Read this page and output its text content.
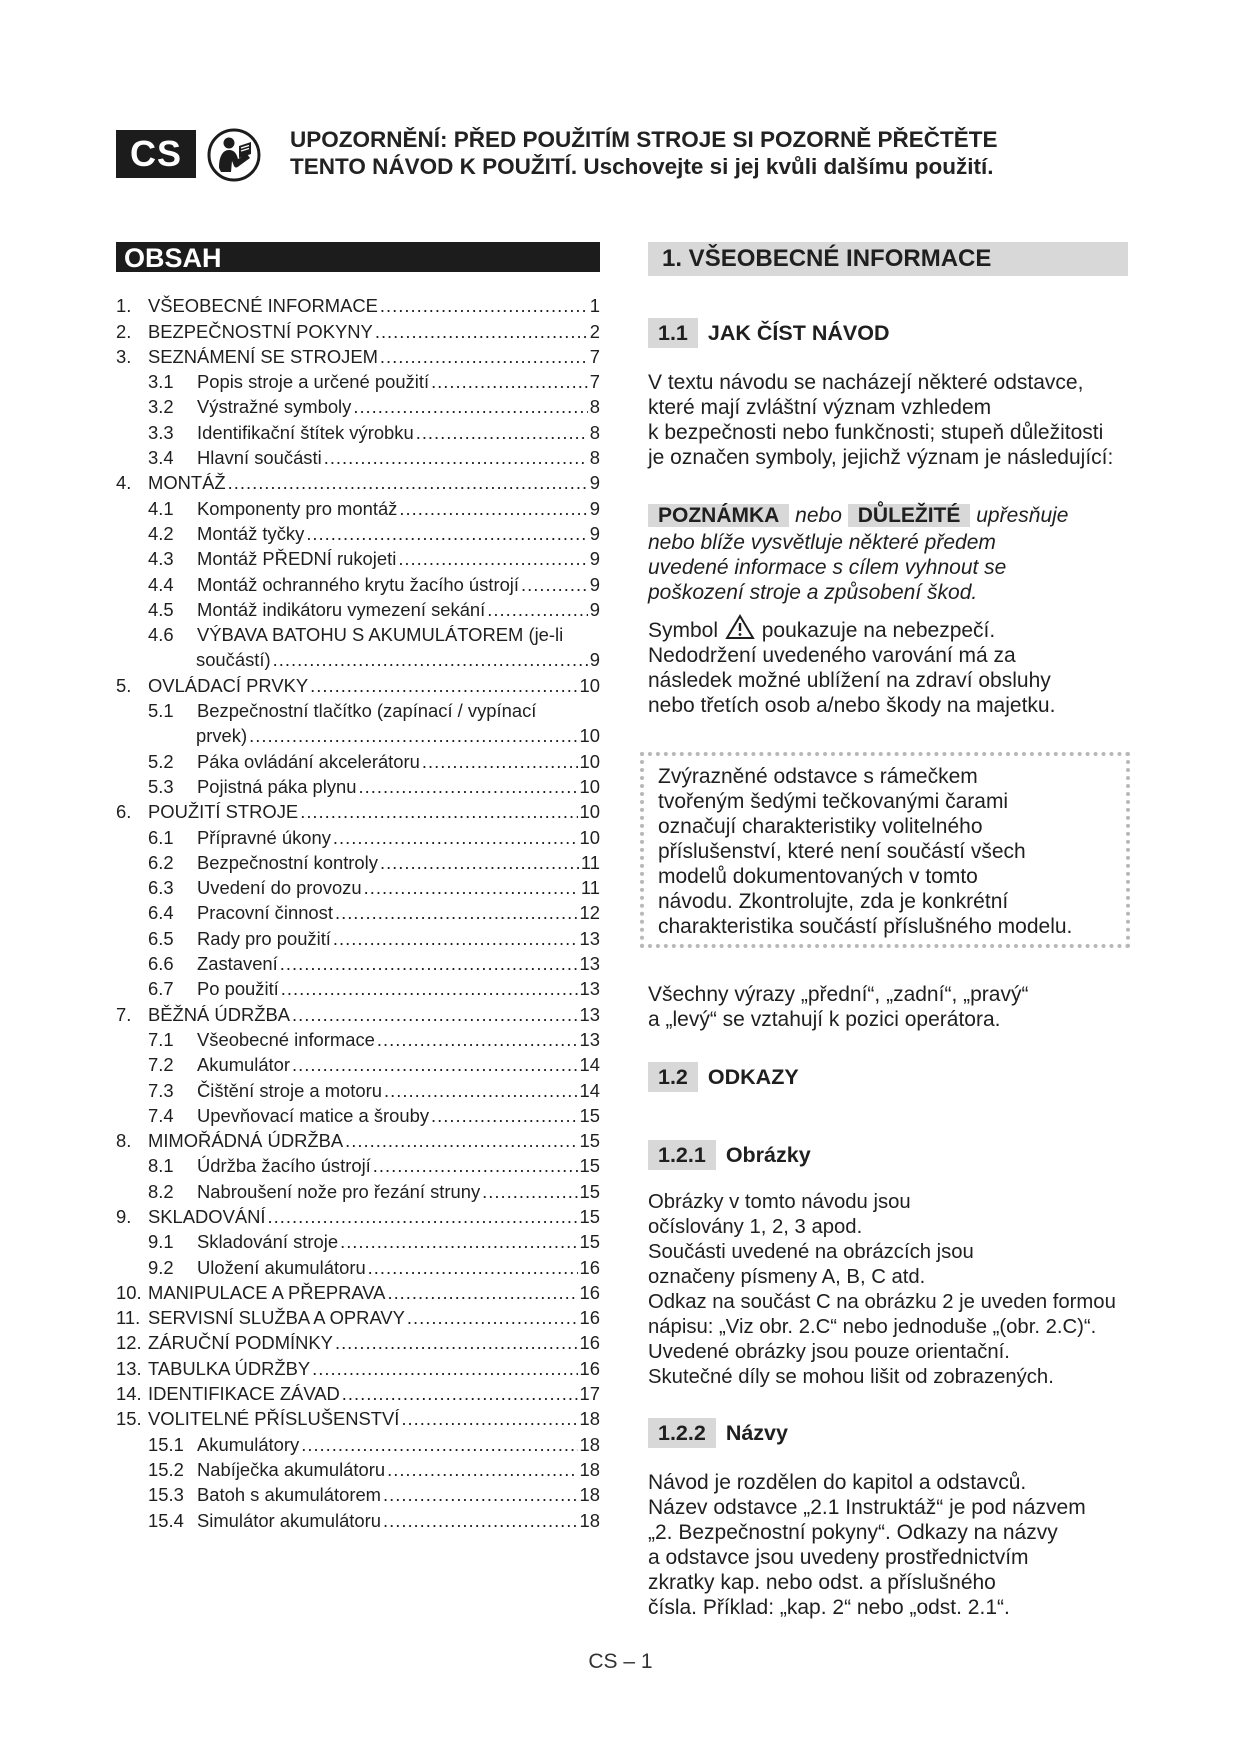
CS	UPOZORNĚNÍ: PŘED POUŽITÍM STROJE SI POZORNĚ PŘEČTĚTE
TENTO NÁVOD K POUŽITÍ. Uschovejte si jej kvůli dalšímu použití.
OBSAH
1. VŠEOBECNÉ INFORMACE .....	1
2. BEZPEČNOSTNÍ POKYNY .....	2
3. SEZNÁMENÍ SE STROJEM .....	7
3.1	Popis stroje a určené použití .....	7
3.2	Výstražné symboly .....	8
3.3	Identifikační štítek výrobku .....	8
3.4	Hlavní součásti .....	8
4. MONTÁŽ .....	9
4.1	Komponenty pro montáž .....	9
4.2	Montáž tyčky .....	9
4.3	Montáž PŘEDNÍ rukojeti .....	9
4.4	Montáž ochranného krytu žacího ústrojí .....	9
4.5	Montáž indikátoru vymezení sekání .....	9
4.6	VÝBAVA BATOHU S AKUMULÁTOREM (je-li
součástí) .....	9
5. OVLÁDACÍ PRVKY .....	10
5.1	Bezpečnostní tlačítko (zapínací / vypínací
prvek) .....	10
5.2	Páka ovládání akcelerátoru .....	10
5.3	Pojistná páka plynu .....	10
6. POUŽITÍ STROJE .....	10
6.1	Přípravné úkony .....	10
6.2	Bezpečnostní kontroly .....	11
6.3	Uvedení do provozu .....	11
6.4	Pracovní činnost .....	12
6.5	Rady pro použití .....	13
6.6	Zastavení .....	13
6.7	Po použití .....	13
7. BĚŽNÁ ÚDRŽBA .....	13
7.1	Všeobecné informace .....	13
7.2	Akumulátor .....	14
7.3	Čištění stroje a motoru .....	14
7.4	Upevňovací matice a šrouby .....	15
8. MIMOŘÁDNÁ ÚDRŽBA .....	15
8.1	Údržba žacího ústrojí .....	15
8.2	Nabroušení nože pro řezání struny .....	15
9. SKLADOVÁNÍ .....	15
9.1	Skladování stroje .....	15
9.2	Uložení akumulátoru .....	16
10. MANIPULACE A PŘEPRAVA .....	16
11. SERVISNÍ SLUŽBA A OPRAVY .....	16
12. ZÁRUČNÍ PODMÍNKY .....	16
13. TABULKA ÚDRŽBY .....	16
14. IDENTIFIKACE ZÁVAD .....	17
15. VOLITELNÉ PŘÍSLUŠENSTVÍ .....	18
15.1 Akumulátory .....	18
15.2 Nabíječka akumulátoru .....	18
15.3 Batoh s akumulátorem .....	18
15.4 Simulátor akumulátoru .....	18
1. VŠEOBECNÉ INFORMACE
1.1 JAK ČÍST NÁVOD
V textu návodu se nacházejí některé odstavce,
které mají zvláštní význam vzhledem
k bezpečnosti nebo funkčnosti; stupeň důležitosti
je označen symboly, jejichž význam je následující:
POZNÁMKA nebo DŮLEŽITÉ upřesňuje
nebo blíže vysvětluje některé předem
uvedené informace s cílem vyhnout se
poškození stroje a způsobení škod.
Symbol poukazuje na nebezpečí.
Nedodržení uvedeného varování má za
následek možné ublížení na zdraví obsluhy
nebo třetích osob a/nebo škody na majetku.
Zvýrazněné odstavce s rámečkem
tvořeným šedými tečkovanými čarami
označují charakteristiky volitelného
příslušenství, které není součástí všech
modelů dokumentovaných v tomto
návodu. Zkontrolujte, zda je konkrétní
charakteristika součástí příslušného modelu.
Všechny výrazy „přední“, „zadní“, „pravý“
a „levý“ se vztahují k pozici operátora.
1.2 ODKAZY
1.2.1 Obrázky
Obrázky v tomto návodu jsou
očíslovány 1, 2, 3 apod.
Součásti uvedené na obrázcích jsou
označeny písmeny A, B, C atd.
Odkaz na součást C na obrázku 2 je uveden formou
nápisu: „Viz obr. 2.C“ nebo jednoduše „(obr. 2.C)“.
Uvedené obrázky jsou pouze orientační.
Skutečné díly se mohou lišit od zobrazených.
1.2.2 Názvy
Návod je rozdělen do kapitol a odstavců.
Název odstavce „2.1 Instruktáž“ je pod názvem
„2. Bezpečnostní pokyny“. Odkazy na názvy
a odstavce jsou uvedeny prostřednictvím
zkratky kap. nebo odst. a příslušného
čísla. Příklad: „kap. 2“ nebo „odst. 2.1“.
CS – 1
